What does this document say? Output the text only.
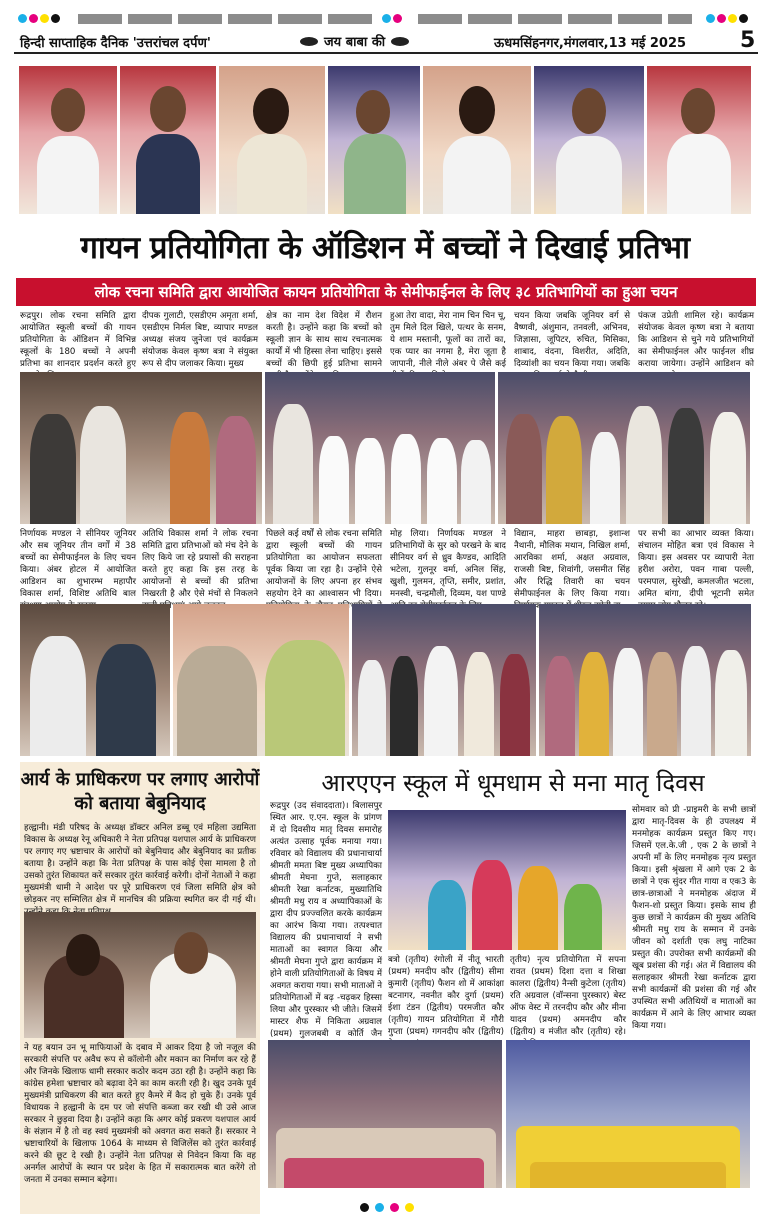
हिन्दी साप्ताहिक दैनिक 'उत्तरांचल दर्पण'	जय बाबा की	ऊधमसिंहनगर,मंगलवार,13 मई 2025 5
गायन प्रतियोगिता के ऑडिशन में बच्चों ने दिखाई प्रतिभा
लोक रचना समिति द्वारा आयोजित कायन प्रतियोगिता के सेमीफाईनल के लिए ३८ प्रतिभागियों का हुआ चयन
रूद्रपुर। लोक रचना समिति द्वारा आयोजित स्कूली बच्चों की गायन प्रतियोगिता के ऑडिशन में विभिन्न स्कूलों के 180 बच्चों ने अपनी प्रतिभा का शानदार प्रदर्शन करते हुए
दीपक गुलाटी, एसडीएम अमृता शर्मा, एसडीएम निर्मल बिष्ट, व्यापार मण्डल अध्यक्ष संजय जुनेजा एवं कार्यक्रम संयोजक केवल कृष्ण बत्रा ने संयुक्त रूप से दीप जलाकर किया। मुख्य
क्षेत्र का नाम देश विदेश में रौशन करती है। उन्होंने कहा कि बच्चों को स्कूली ज्ञान के साथ साथ रचनात्मक कार्यों में भी हिस्सा लेना चाहिए। इससे बच्चों की छिपी हुई प्रतिभा सामने
हुआ तेरा वादा, मेरा नाम चिन चिन चू, तुम मिले दिल खिले, पत्थर के सनम, ये शाम मस्तानी, फूलों का तारों का, एक प्यार का नगमा है, मेरा जूता है जापानी, नीले नीले अंबर पे जैसे कई
चयन किया जबकि जूनियर वर्ग से वैष्णवी, अंशुमान, तनवली, अभिनव, जिज्ञासा, जूपिटर, रुचित, मिसिका, शाबाद, वंदना, विशरीत, अदिति, दिव्यांशी का चयन किया गया। जबकि
पंकज उप्रेती शामिल रहे। कार्यक्रम संयोजक केवल कृष्ण बत्रा ने बताया कि आडिशन से चुने गये प्रतिभागियों का सेमीफाईनल और फाईनल शीघ्र कराया जायेगा। उन्होंने आडिशन को
निर्णायक मण्डल ने सीनियर जूनियर और सब जूनियर तीन वर्गों में 38 बच्चों का सेमीफाईनल के लिए चयन किया। अंबर होटल में आयोजित आडिशन का शुभारम्भ महापौर विकास शर्मा, विशिष्ट अतिथि बाल
अतिथि विकास शर्मा ने लोक रचना समिति द्वारा प्रतिभाओं को मंच देने के लिए किये जा रहे प्रयासों की सराहना करते हुए कहा कि इस तरह के आयोजनों से बच्चों की प्रतिभा निखरती है और ऐसे मंचों से निकलने
पिछले कई वर्षों से लोक रचना समिति द्वारा स्कूली बच्चों की गायन प्रतियोगिता का आयोजन सफलता पूर्वक किया जा रहा है। उन्होंने ऐसे आयोजनों के लिए अपना हर संभव सहयोग देने का आश्वासन भी दिया।
मोह लिया। निर्णायक मण्डल ने प्रतिभागियों के सुर को परखने के बाद सीनियर वर्ग से ध्रुव कैण्डव, आदिति भटेला, गुलनूर वर्मा, अनिल सिंह, खुशी, गुलमन, तृप्ति, समीर, प्रशांत, मनस्वी, चन्द्रमौली, दिव्यम, यश पाण्डे
विद्यान, माहरा छाबड़ा, इशान्श नैथानी, मौलिक मथान, निखिल शर्मा, आरविका शर्मा, अक्षत अग्रवाल, राजसी बिष्ट, शिवांगी, जसमीत सिंह और रिद्धि तिवारी का चयन सेमीफाईनल के लिए किया गया।
पर सभी का आभार व्यक्त किया। संचालन मोहित बत्रा एवं विकास ने किया। इस अवसर पर व्यापारी नेता हरीश अरोरा, पवन गाबा पल्ली, परमपाल, सुरेखी, कमलजीत भटला, अमित बांगा, दीपी भूटानी समेत
आर्य के प्राधिकरण पर लगाए आरोपों को बताया बेबुनियाद
हल्द्वानी। मंडी परिषद के अध्यक्ष डॉक्टर अनिल डब्बू एवं महिला उद्यमिता विकास के अध्यक्ष रेनू अधिकारी ने नेता प्रतिपक्ष यशपाल आर्य के प्राधिकरण पर लगाए गए भ्रष्टाचार के आरोपों को बेबुनियाद और बेबुनियाद का प्रतीक बताया है। उन्होंने कहा कि नेता प्रतिपक्ष के पास कोई ऐसा मामला है तो उसको तुरंत शिकायत करें सरकार तुरंत कार्रवाई करेगी। दोनों नेताओं ने कहा मुख्यमंत्री धामी ने आदेश पर पूरे प्राधिकरण एवं जिला समिति क्षेत्र को छोड़कर नए सम्मिलित क्षेत्र में मानचित्र की प्रक्रिया स्थगित कर दी गई थी।
ने यह बयान उन भू माफियाओं के दबाव में आकर दिया है जो नजूल की सरकारी संपत्ति पर अवैध रूप से कॉलोनी और मकान का निर्माण कर रहे हैं और जिनके खिलाफ धामी सरकार कठोर कदम उठा रही है। उन्होंने कहा कि कांग्रेस हमेशा भ्रष्टाचार को बढ़ावा देने का काम करती रही है। खुद उनके पूर्व मुख्यमंत्री प्राधिकरण की बात करते हुए कैमरे में कैद हो चुके हैं। उनके पूर्व विधायक ने हल्द्वानी के दम पर जो संपत्ति कब्जा कर रखी थी उसे आज सरकार ने छुड़वा दिया है। उन्होंने कहा कि अगर कोई प्रकरण यशपाल आर्य के संज्ञान में है तो वह स्वयं मुख्यमंत्री को अवगत करा सकते हैं। सरकार ने भ्रष्टाचारियों के खिलाफ 1064 के माध्यम से विजिलेंस को तुरंत कार्रवाई करने की छूट दे रखी है। उन्होंने नेता प्रतिपक्ष से निवेदन किया कि वह अनर्गल आरोपों के स्थान पर प्रदेश के हित में सकारात्मक बात करेंगे तो जनता में उनका सम्मान बढ़ेगा।
आरएएन स्कूल में धूमधाम से मना मातृ दिवस
रूद्रपुर (उद संवाददाता)। बिलासपुर स्थित आर. ए.एन. स्कूल के प्रांगण में दो दिवसीय मातृ दिवस समारोह अत्यंत उत्साह पूर्वक मनाया गया। रविवार को विद्यालय की प्रधानाचार्या श्रीमती ममता बिष्ट मुख्य अध्यापिका श्रीमती मेघना गुप्ते, सलाहकार श्रीमती रेखा कर्नाटक, मुख्यातिथि श्रीमती मधु राय व अध्यापिकाओं के द्वारा दीप प्रज्ज्वलित करके कार्यक्रम का आरंभ किया गया। तत्पश्चात विद्यालय की प्रधानाचार्या ने सभी माताओं का स्वागत किया और श्रीमती मेघना गुप्ते द्वारा कार्यक्रम में होने वाली प्रतियोगिताओं के विषय में अवगत कराया गया। सभी माताओं ने प्रतियोगिताओं में बढ़ -चढ़कर हिस्सा लिया और पुरस्कार भी जीते। जिसमें मास्टर शैफ में निकिता अग्रवाल (प्रथम) गुलजबबी व कोर्ति जैन
बत्रो (तृतीय) रंगोली में नीतू भारती (प्रथम) मनदीप कौर (द्वितीय) सीमा कुमारी (तृतीय) फैशन शो में आकांक्षा बटनागर, नवनीत कौर दुर्गा (प्रथम) ईशा टंडन (द्वितीय) परमजीत कौर (तृतीय) गायन प्रतियोगिता में गौरी गुप्ता (प्रथम) गगनदीप कौर (द्वितीय)
तृतीय) नृत्य प्रतियोगिता में सपना रावत (प्रथम) दिशा दत्ता व शिखा कालरा (द्वितीय) नैन्सी कुटेला (तृतीय) रति अग्रवाल (वॉन्सना पुरस्कार) बेस्ट ऑफ वेस्ट में तरनदीप कौर और मीना यादव (प्रथम) अमनदीप कौर (द्वितीय) व मंजीत कौर (तृतीय) रहे।
सोमवार को प्री -प्राइमरी के सभी छात्रों द्वारा मातृ-दिवस के ही उपलक्ष्य में मनमोहक कार्यक्रम प्रस्तुत किए गए। जिसमें एल.के.जी , एक 2 के छात्रों ने अपनी माँ के लिए मनमोहक नृत्य प्रस्तुत किया। इसी श्रृंखला में आगे एक 2 के छात्रों ने एक सुंदर गीत गाया व एक3 के छात्र-छात्राओं ने मनमोहक अंदाज में फैशन-शो प्रस्तुत किया। इसके साथ ही कुछ छात्रों ने कार्यक्रम की मुख्य अतिथि श्रीमती मधु राय के सम्मान में उनके जीवन को दर्शाती एक लघु नाटिका प्रस्तुत की। उपरोक्त सभी कार्यक्रमों की खूब प्रशंसा की गई। अंत में विद्यालय की सलाहकार श्रीमती रेखा कर्नाटक द्वारा सभी कार्यक्रमों की प्रशंसा की गई और उपस्थित सभी अतिथियों व माताओं का कार्यक्रम में आने के लिए आभार व्यक्त किया गया।
